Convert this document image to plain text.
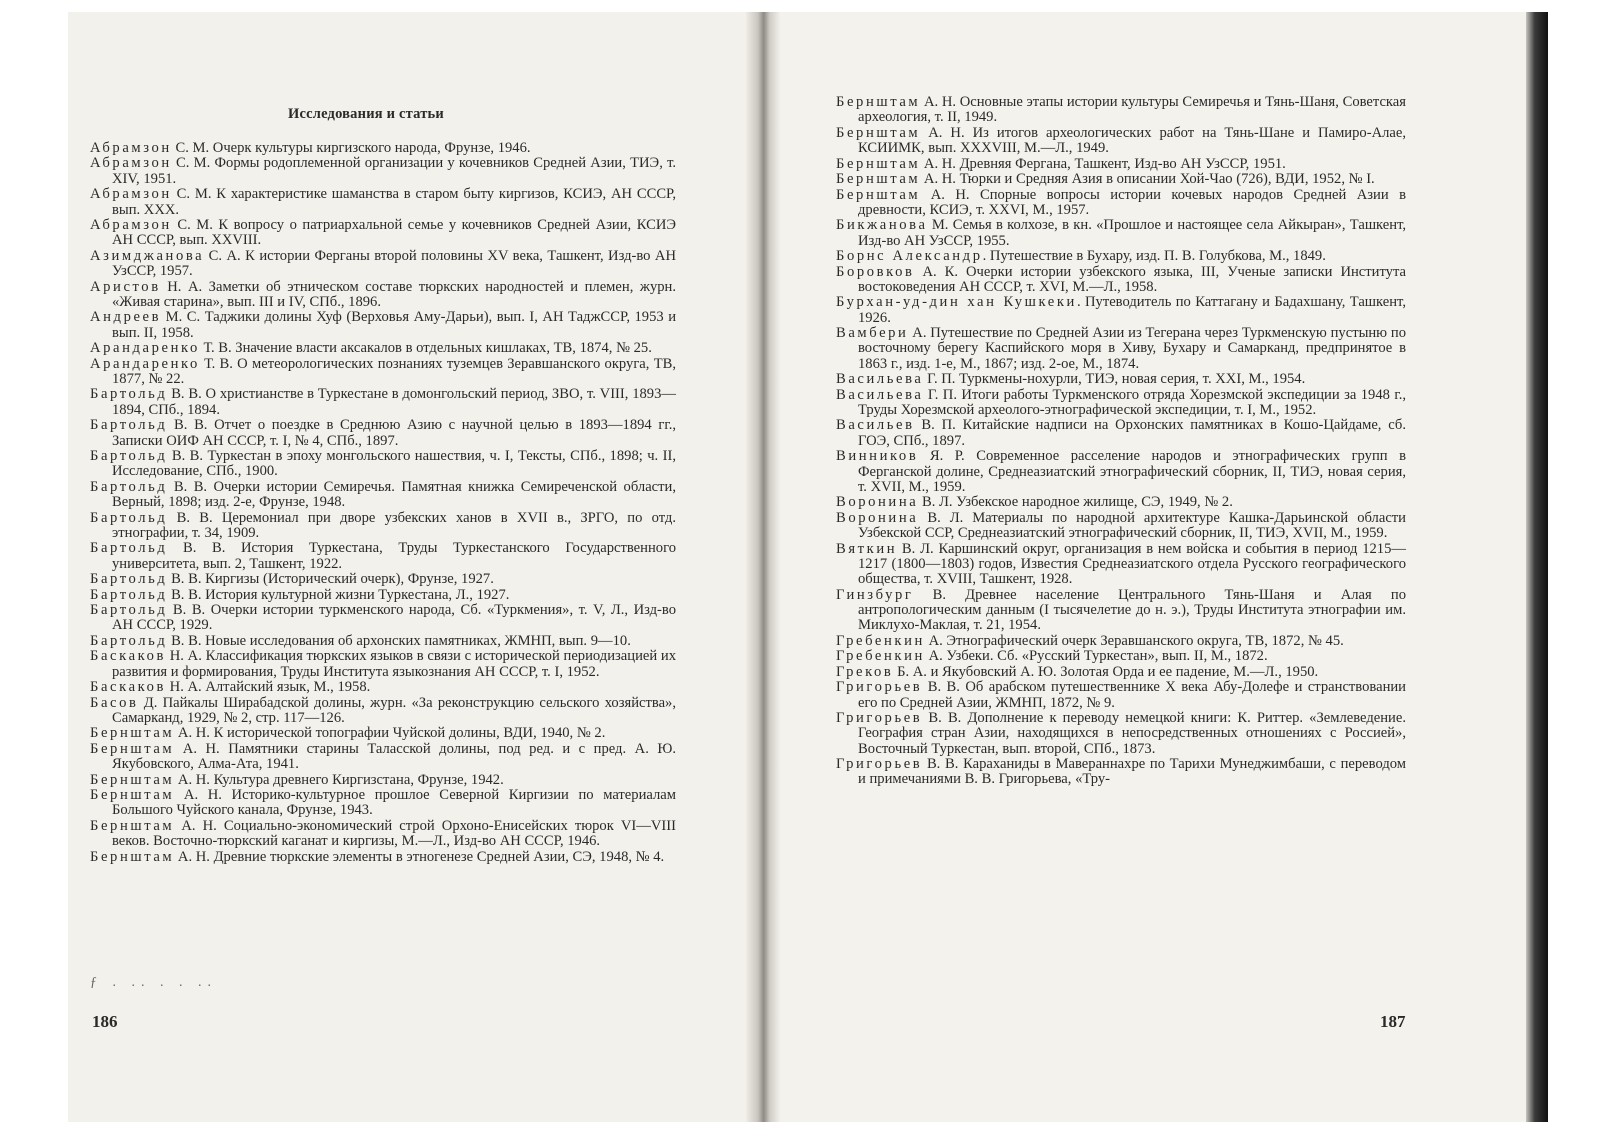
Исследования и статьи

Абрамзон С. М. Очерк культуры киргизского народа, Фрунзе, 1946.

Абрамзон С. М. Формы родоплеменной организации у кочевников Средней Азии, ТИЭ, т. XIV, 1951.

Абрамзон С. М. К характеристике шаманства в старом быту киргизов, КСИЭ, АН СССР, вып. XXX.

Абрамзон С. М. К вопросу о патриархальной семье у кочевников Средней Азии, КСИЭ АН СССР, вып. XXVIII.

Азимджанова С. А. К истории Ферганы второй половины XV века, Ташкент, Изд-во АН УзССР, 1957.

Аристов Н. А. Заметки об этническом составе тюркских народностей и племен, журн. «Живая старина», вып. III и IV, СПб., 1896.

Андреев М. С. Таджики долины Хуф (Верховья Аму-Дарьи), вып. I, АН ТаджССР, 1953 и вып. II, 1958.

Арандаренко Т. В. Значение власти аксакалов в отдельных кишлаках, ТВ, 1874, № 25.

Арандаренко Т. В. О метеорологических познаниях туземцев Зеравшанского округа, ТВ, 1877, № 22.

Бартольд В. В. О христианстве в Туркестане в домонгольский период, ЗВО, т. VIII, 1893—1894, СПб., 1894.

Бартольд В. В. Отчет о поездке в Среднюю Азию с научной целью в 1893—1894 гг., Записки ОИФ АН СССР, т. I, № 4, СПб., 1897.

Бартольд В. В. Туркестан в эпоху монгольского нашествия, ч. I, Тексты, СПб., 1898; ч. II, Исследование, СПб., 1900.

Бартольд В. В. Очерки истории Семиречья. Памятная книжка Семиреченской области, Верный, 1898; изд. 2-е, Фрунзе, 1948.

Бартольд В. В. Церемониал при дворе узбекских ханов в XVII в., ЗРГО, по отд. этнографии, т. 34, 1909.

Бартольд В. В. История Туркестана, Труды Туркестанского Государственного университета, вып. 2, Ташкент, 1922.

Бартольд В. В. Киргизы (Исторический очерк), Фрунзе, 1927.

Бартольд В. В. История культурной жизни Туркестана, Л., 1927.

Бартольд В. В. Очерки истории туркменского народа, Сб. «Туркмения», т. V, Л., Изд-во АН СССР, 1929.

Бартольд В. В. Новые исследования об архонских памятниках, ЖМНП, вып. 9—10.

Баскаков Н. А. Классификация тюркских языков в связи с исторической периодизацией их развития и формирования, Труды Института языкознания АН СССР, т. I, 1952.

Баскаков Н. А. Алтайский язык, М., 1958.

Басов Д. Пайкалы Ширабадской долины, журн. «За реконструкцию сельского хозяйства», Самарканд, 1929, № 2, стр. 117—126.

Бернштам А. Н. К исторической топографии Чуйской долины, ВДИ, 1940, № 2.

Бернштам А. Н. Памятники старины Таласской долины, под ред. и с пред. А. Ю. Якубовского, Алма-Ата, 1941.

Бернштам А. Н. Культура древнего Киргизстана, Фрунзе, 1942.

Бернштам А. Н. Историко-культурное прошлое Северной Киргизии по материалам Большого Чуйского канала, Фрунзе, 1943.

Бернштам А. Н. Социально-экономический строй Орхоно-Енисейских тюрок VI—VIII веков. Восточно-тюркский каганат и киргизы, М.—Л., Изд-во АН СССР, 1946.

Бернштам А. Н. Древние тюркские элементы в этногенезе Средней Азии, СЭ, 1948, № 4.

Бернштам А. Н. Основные этапы истории культуры Семиречья и Тянь-Шаня, Советская археология, т. II, 1949.

Бернштам А. Н. Из итогов археологических работ на Тянь-Шане и Памиро-Алае, КСИИМК, вып. XXXVIII, М.—Л., 1949.

Бернштам А. Н. Древняя Фергана, Ташкент, Изд-во АН УзССР, 1951.

Бернштам А. Н. Тюрки и Средняя Азия в описании Хой-Чао (726), ВДИ, 1952, № I.

Бернштам А. Н. Спорные вопросы истории кочевых народов Средней Азии в древности, КСИЭ, т. XXVI, М., 1957.

Бикжанова М. Семья в колхозе, в кн. «Прошлое и настоящее села Айкыран», Ташкент, Изд-во АН УзССР, 1955.

Борнс Александр. Путешествие в Бухару, изд. П. В. Голубкова, М., 1849.

Боровков А. К. Очерки истории узбекского языка, III, Ученые записки Института востоковедения АН СССР, т. XVI, М.—Л., 1958.

Бурхан-уд-дин хан Кушкеки. Путеводитель по Каттагану и Бадахшану, Ташкент, 1926.

Вамбери А. Путешествие по Средней Азии из Тегерана через Туркменскую пустыню по восточному берегу Каспийского моря в Хиву, Бухару и Самарканд, предпринятое в 1863 г., изд. 1-е, М., 1867; изд. 2-ое, М., 1874.

Васильева Г. П. Туркмены-нохурли, ТИЭ, новая серия, т. XXI, М., 1954.

Васильева Г. П. Итоги работы Туркменского отряда Хорезмской экспедиции за 1948 г., Труды Хорезмской археолого-этнографической экспедиции, т. I, М., 1952.

Васильев В. П. Китайские надписи на Орхонских памятниках в Кошо-Цайдаме, сб. ГОЭ, СПб., 1897.

Винников Я. Р. Современное расселение народов и этнографических групп в Ферганской долине, Среднеазиатский этнографический сборник, II, ТИЭ, новая серия, т. XVII, М., 1959.

Воронина В. Л. Узбекское народное жилище, СЭ, 1949, № 2.

Воронина В. Л. Материалы по народной архитектуре Кашка-Дарьинской области Узбекской ССР, Среднеазиатский этнографический сборник, II, ТИЭ, XVII, М., 1959.

Вяткин В. Л. Каршинский округ, организация в нем войска и события в период 1215—1217 (1800—1803) годов, Известия Среднеазиатского отдела Русского географического общества, т. XVIII, Ташкент, 1928.

Гинзбург В. Древнее население Центрального Тянь-Шаня и Алая по антропологическим данным (I тысячелетие до н. э.), Труды Института этнографии им. Миклухо-Маклая, т. 21, 1954.

Гребенкин А. Этнографический очерк Зеравшанского округа, ТВ, 1872, № 45.

Гребенкин А. Узбеки. Сб. «Русский Туркестан», вып. II, М., 1872.

Греков Б. А. и Якубовский А. Ю. Золотая Орда и ее падение, М.—Л., 1950.

Григорьев В. В. Об арабском путешественнике X века Абу-Долефе и странствовании его по Средней Азии, ЖМНП, 1872, № 9.

Григорьев В. В. Дополнение к переводу немецкой книги: К. Риттер. «Землеведение. География стран Азии, находящихся в непосредственных отношениях с Россией», Восточный Туркестан, вып. второй, СПб., 1873.

Григорьев В. В. Караханиды в Мавераннахре по Тарихи Мунеджимбаши, с переводом и примечаниями В. В. Григорьева, «Тру-

ƒ . .. . . ..
186	187
